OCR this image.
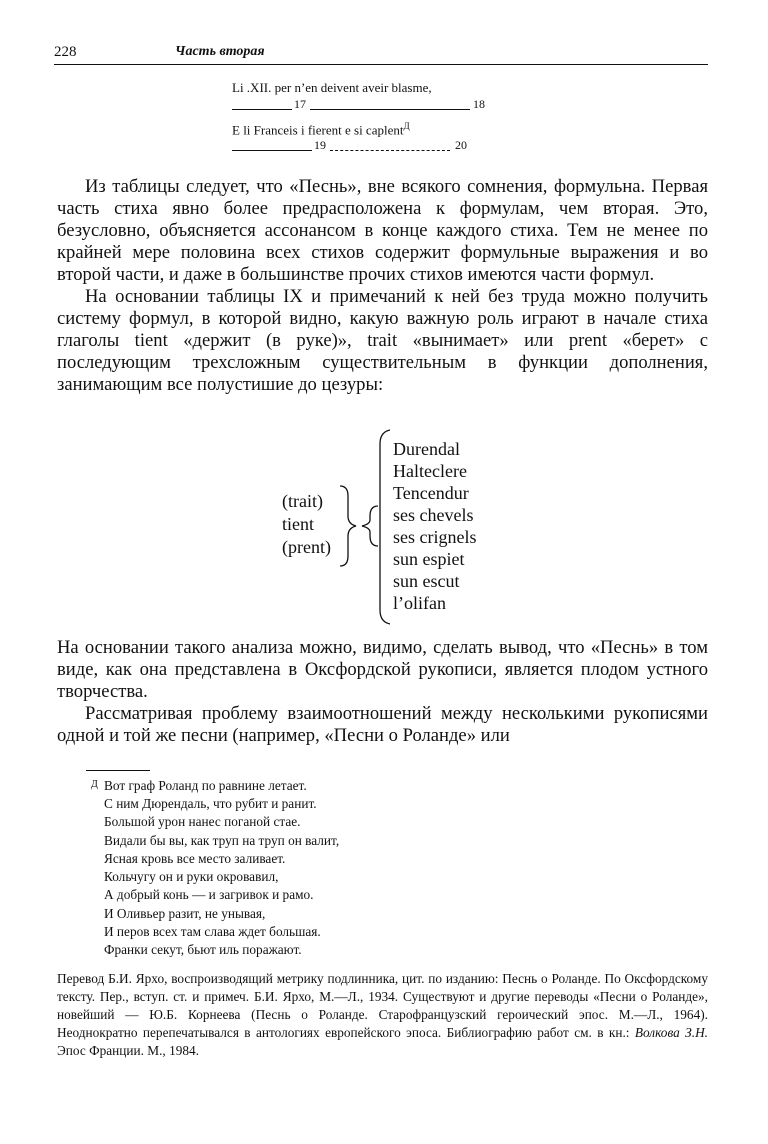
228	Часть вторая
Li .XII. per n’en deivent aveir blasme,
17	18
E li Franceis i fierent e si caplent$^Д$
19	20

Из таблицы следует, что «Песнь», вне всякого сомнения, формульна. Первая часть стиха явно более предрасположена к формулам, чем вторая. Это, безусловно, объясняется ассонансом в конце каждого стиха. Тем не менее по крайней мере половина всех стихов содержит формульные выражения и во второй части, и даже в большинстве прочих стихов имеются части формул.

На основании таблицы IX и примечаний к ней без труда можно получить систему формул, в которой видно, какую важную роль играют в начале стиха глаголы tient «держит (в руке)», trait «вынимает» или prent «берет» с последующим трехсложным существительным в функции дополнения, занимающим все полустишие до цезуры:

(trait)
tient
(prent)
Durendal
Halteclere
Tencendur
ses chevels
ses crignels
sun espiet
sun escut
l’olifan

На основании такого анализа можно, видимо, сделать вывод, что «Песнь» в том виде, как она представлена в Оксфордской рукописи, является плодом устного творчества.

Рассматривая проблему взаимоотношений между несколькими рукописями одной и той же песни (например, «Песни о Роланде» или

Д Вот граф Роланд по равнине летает.
С ним Дюрендаль, что рубит и ранит.
Большой урон нанес поганой стае.
Видали бы вы, как труп на труп он валит,
Ясная кровь все место заливает.
Кольчугу он и руки окровавил,
А добрый конь — и загривок и рамо.
И Оливьер разит, не унывая,
И перов всех там слава ждет большая.
Франки секут, бьют иль поражают.
Перевод Б.И. Ярхо, воспроизводящий метрику подлинника, цит. по изданию: Песнь о Роланде. По Оксфордскому тексту. Пер., вступ. ст. и примеч. Б.И. Ярхо, М.—Л., 1934. Существуют и другие переводы «Песни о Роланде», новейший — Ю.Б. Корнеева (Песнь о Роланде. Старофранцузский героический эпос. М.—Л., 1964). Неоднократно перепечатывался в антологиях европейского эпоса. Библиографию работ см. в кн.: Волкова З.Н. Эпос Франции. М., 1984.
